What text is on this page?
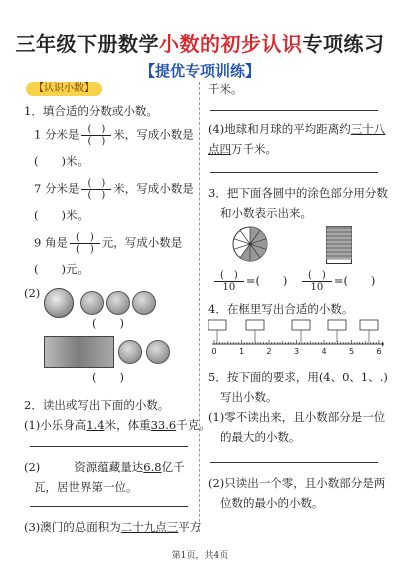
三年级下册数学小数的初步认识专项练习
【提优专项训练】
【认识小数】
1．填合适的分数或小数。
1 分米是 $\frac{( )}{( )}$ 米，写成小数是
(　　)米。
7 分米是 $\frac{( )}{( )}$ 米，写成小数是
(　　)米。
9 角是 $\frac{( )}{( )}$ 元，写成小数是
(　　)元。
(2)
(　　)
(　　)
2．读出或写出下面的小数。
(1)小乐身高1.4米，体重33.6千克。
(2)	资源蕴藏量达6.8亿千
瓦，居世界第一位。
(3)澳门的总面积为二十九点三平方
千米。
(4)地球和月球的平均距离约三十八
点四万千米。
3．把下面各圆中的涂色部分用分数
和小数表示出来。
$\frac{( )}{10}$ =(　　) $\frac{( )}{10}$ =(　　)
4．在框里写出合适的小数。
0	1	2	3	4	5	6
5．按下面的要求，用(4、0、1、.)
写出小数。
(1)零不读出来，且小数部分是一位
的最大的小数。
(2)只读出一个零，且小数部分是两
位数的最小的小数。
第1页，共4页
